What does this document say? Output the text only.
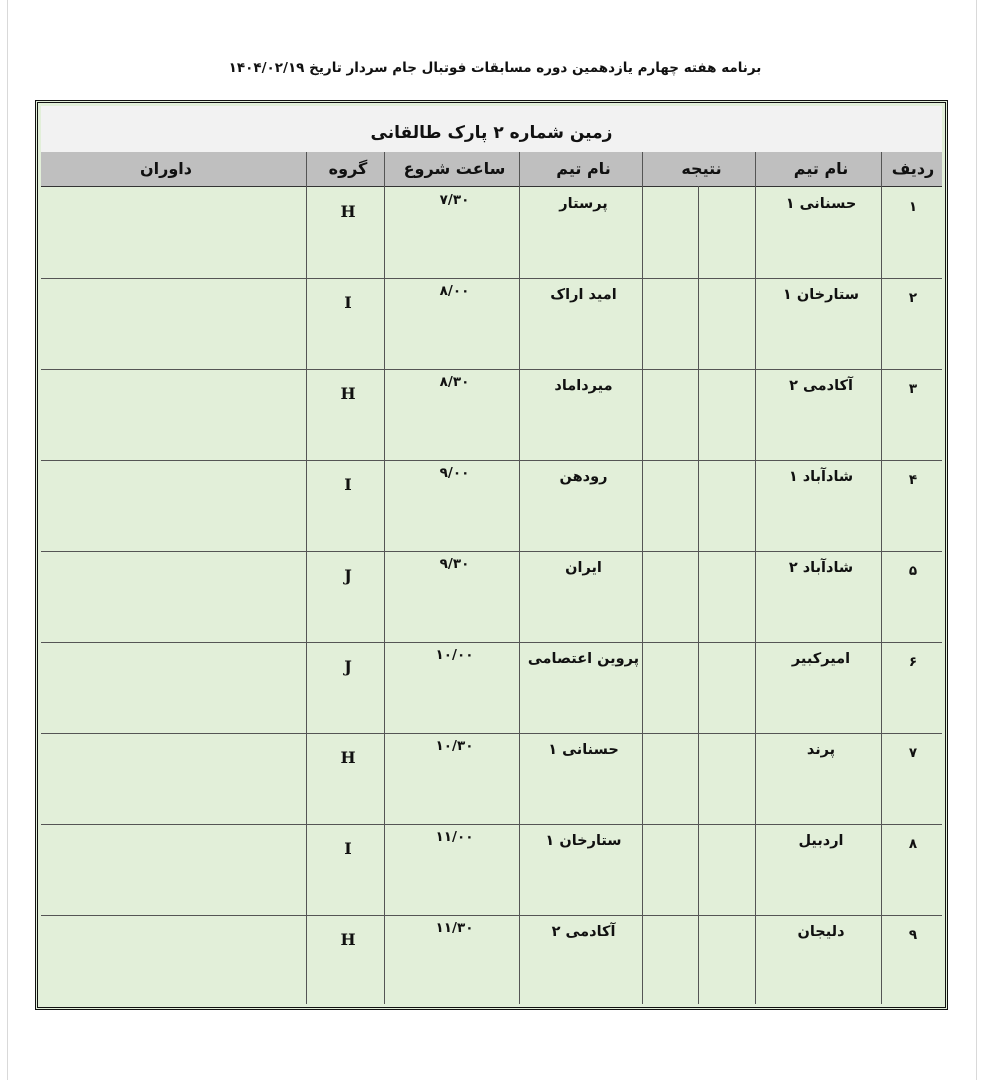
برنامه هفته چهارم یازدهمین دوره مسابقات فوتبال جام سردار تاریخ ۱۴۰۴/۰۲/۱۹
زمین شماره ۲ پارک طالقانی
ردیف
نام تیم
نتیجه
نام تیم
ساعت شروع
گروه
داوران
۱
حسنانی ۱
پرستار
۷/۳۰
H
۲
ستارخان ۱
امید اراک
۸/۰۰
I
۳
آکادمی ۲
میرداماد
۸/۳۰
H
۴
شادآباد ۱
رودهن
۹/۰۰
I
۵
شادآباد ۲
ایران
۹/۳۰
J
۶
امیرکبیر
پروین اعتصامی
۱۰/۰۰
J
۷
پرند
حسنانی ۱
۱۰/۳۰
H
۸
اردبیل
ستارخان ۱
۱۱/۰۰
I
۹
دلیجان
آکادمی ۲
۱۱/۳۰
H
